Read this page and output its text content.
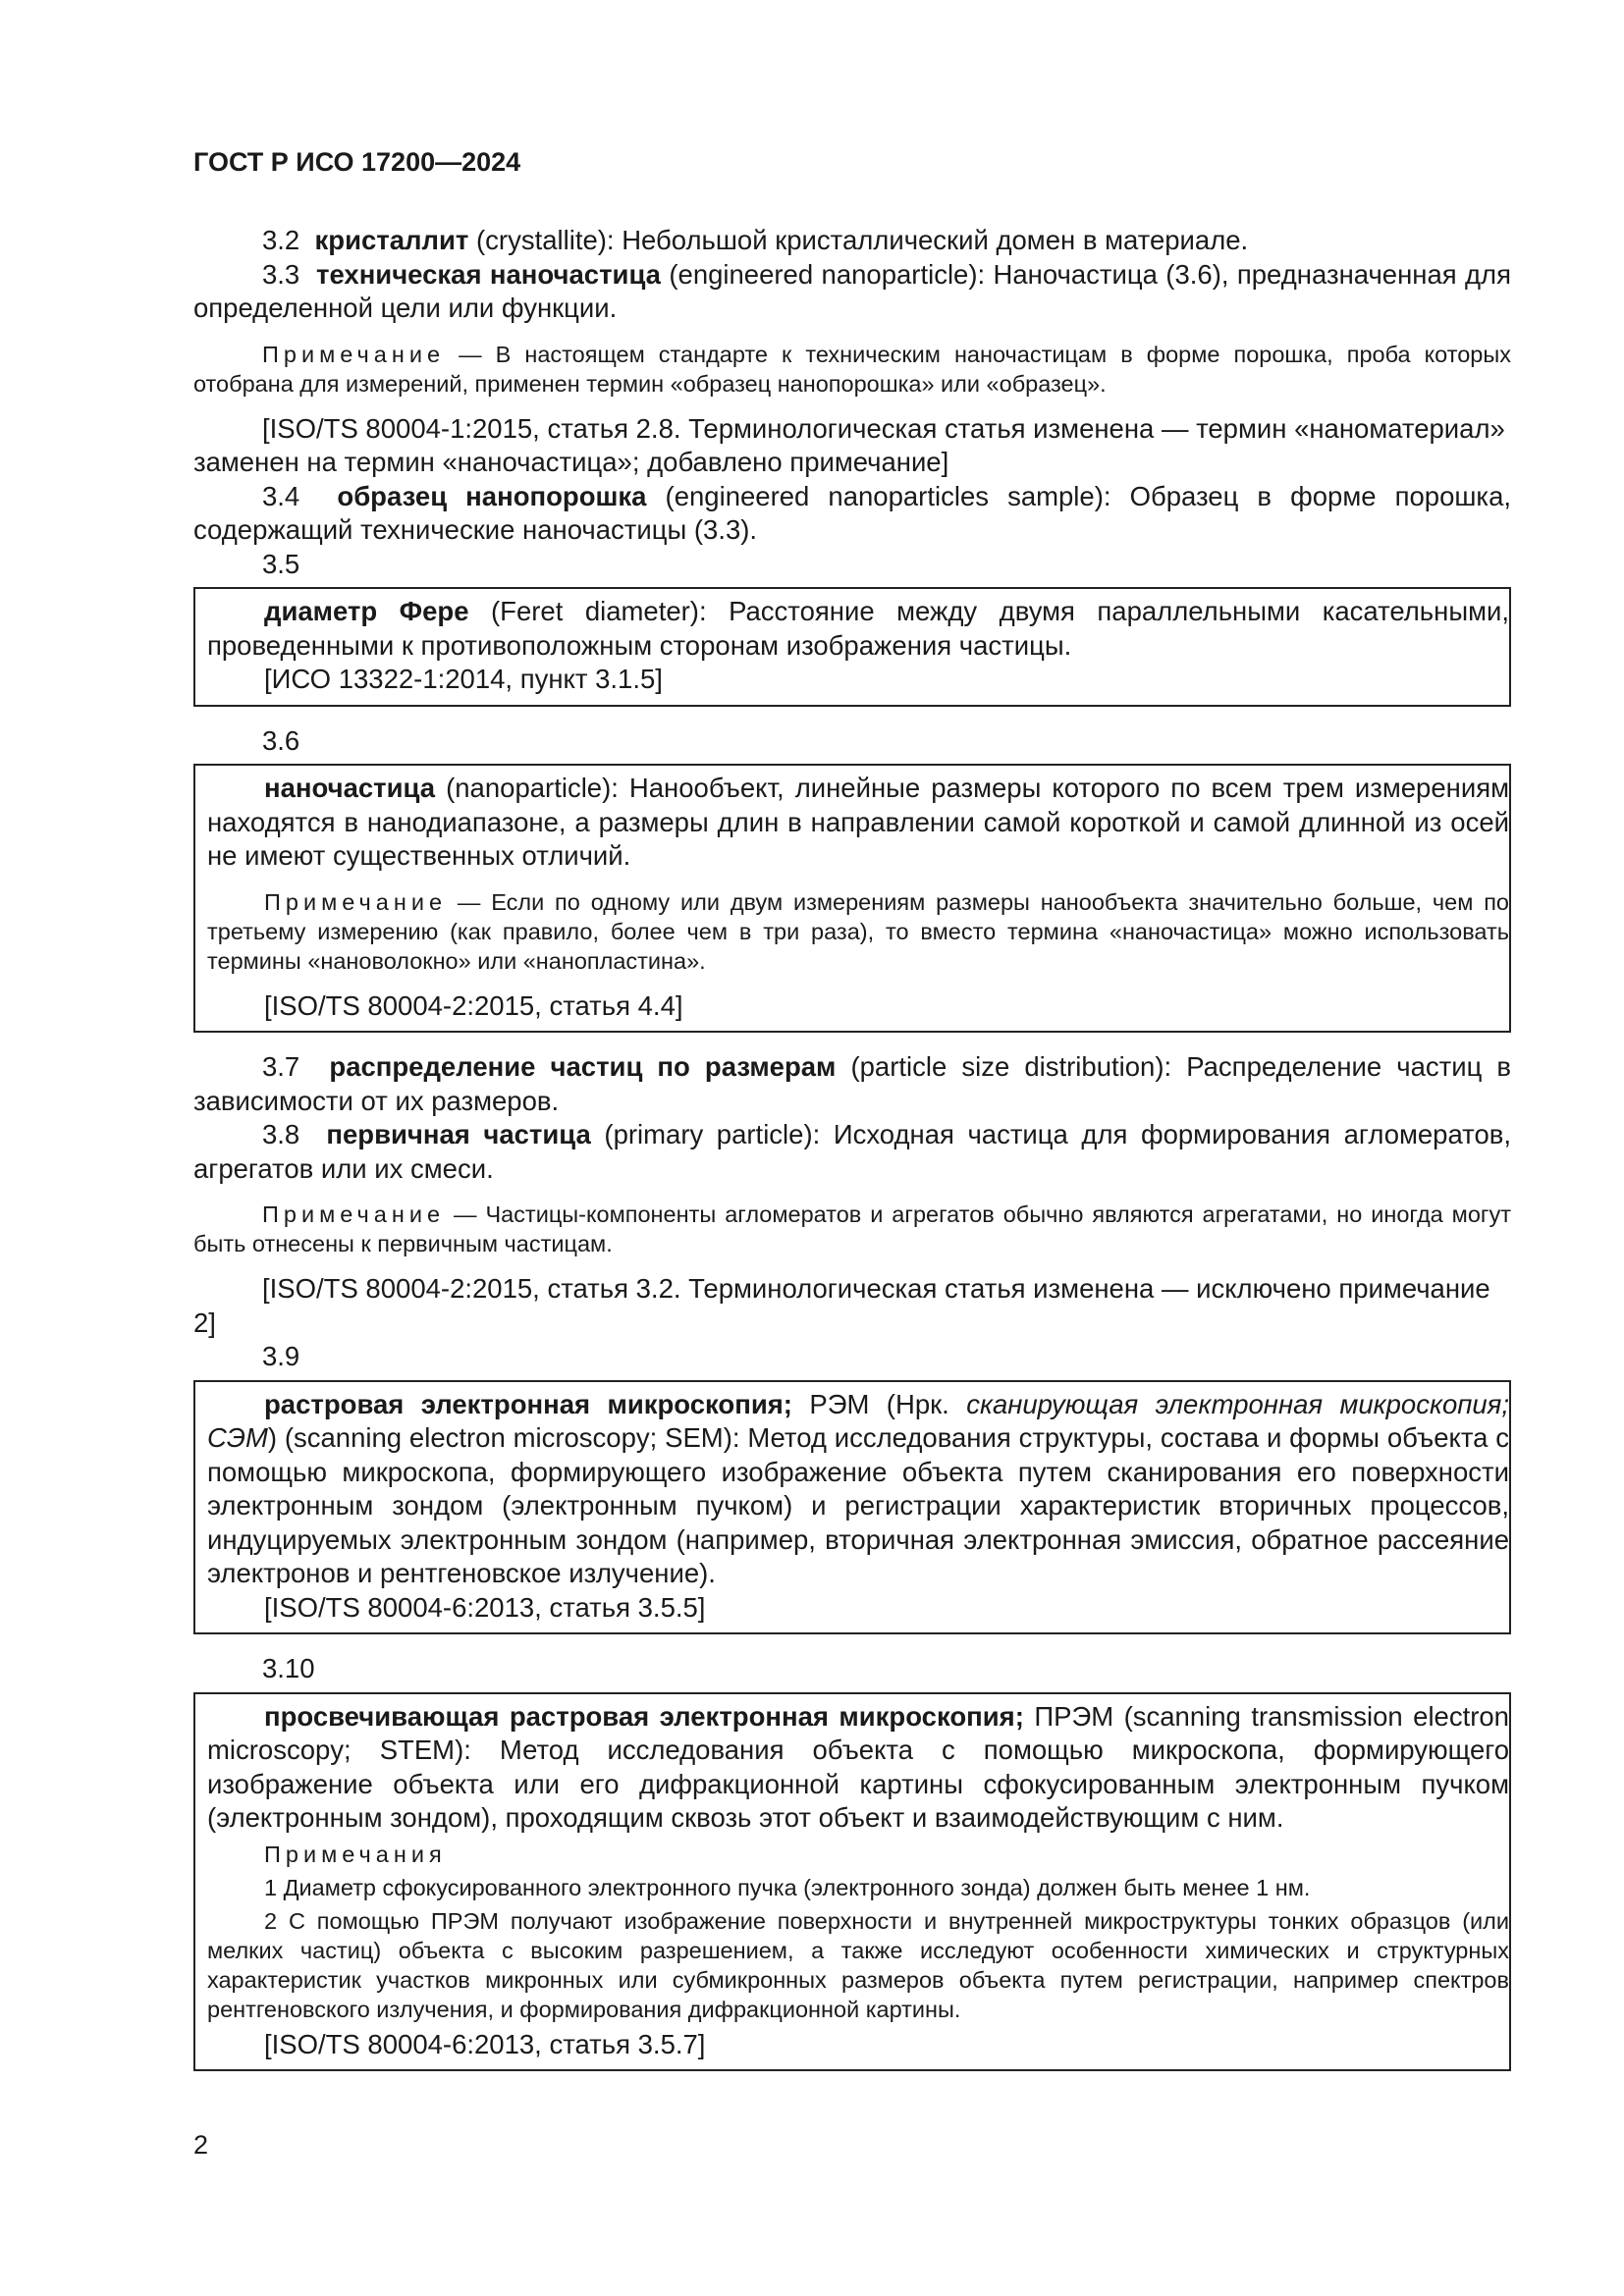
ГОСТ Р ИСО 17200—2024

3.2 кристаллит (crystallite): Небольшой кристаллический домен в материале.

3.3 техническая наночастица (engineered nanoparticle): Наночастица (3.6), предназначенная для определенной цели или функции.

Примечание — В настоящем стандарте к техническим наночастицам в форме порошка, проба которых отобрана для измерений, применен термин «образец нанопорошка» или «образец».

[ISO/TS 80004-1:2015, статья 2.8. Терминологическая статья изменена — термин «наноматериал» заменен на термин «наночастица»; добавлено примечание]

3.4 образец нанопорошка (engineered nanoparticles sample): Образец в форме порошка, содержащий технические наночастицы (3.3).

3.5

диаметр Фере (Feret diameter): Расстояние между двумя параллельными касательными, проведенными к противоположным сторонам изображения частицы.

[ИСО 13322-1:2014, пункт 3.1.5]

3.6

наночастица (nanoparticle): Нанообъект, линейные размеры которого по всем трем измерениям находятся в нанодиапазоне, а размеры длин в направлении самой короткой и самой длинной из осей не имеют существенных отличий.

Примечание — Если по одному или двум измерениям размеры нанообъекта значительно больше, чем по третьему измерению (как правило, более чем в три раза), то вместо термина «наночастица» можно использовать термины «нановолокно» или «нанопластина».

[ISO/TS 80004-2:2015, статья 4.4]

3.7 распределение частиц по размерам (particle size distribution): Распределение частиц в зависимости от их размеров.

3.8 первичная частица (primary particle): Исходная частица для формирования агломератов, агрегатов или их смеси.

Примечание — Частицы-компоненты агломератов и агрегатов обычно являются агрегатами, но иногда могут быть отнесены к первичным частицам.

[ISO/TS 80004-2:2015, статья 3.2. Терминологическая статья изменена — исключено примечание 2]

3.9

растровая электронная микроскопия; РЭМ (Нрк. сканирующая электронная микроскопия; СЭМ) (scanning electron microscopy; SEM): Метод исследования структуры, состава и формы объекта с помощью микроскопа, формирующего изображение объекта путем сканирования его поверхности электронным зондом (электронным пучком) и регистрации характеристик вторичных процессов, индуцируемых электронным зондом (например, вторичная электронная эмиссия, обратное рассеяние электронов и рентгеновское излучение).

[ISO/TS 80004-6:2013, статья 3.5.5]

3.10

просвечивающая растровая электронная микроскопия; ПРЭМ (scanning transmission electron microscopy; STEM): Метод исследования объекта с помощью микроскопа, формирующего изображение объекта или его дифракционной картины сфокусированным электронным пучком (электронным зондом), проходящим сквозь этот объект и взаимодействующим с ним.

Примечания

1 Диаметр сфокусированного электронного пучка (электронного зонда) должен быть менее 1 нм.

2 С помощью ПРЭМ получают изображение поверхности и внутренней микроструктуры тонких образцов (или мелких частиц) объекта с высоким разрешением, а также исследуют особенности химических и структурных характеристик участков микронных или субмикронных размеров объекта путем регистрации, например спектров рентгеновского излучения, и формирования дифракционной картины.

[ISO/TS 80004-6:2013, статья 3.5.7]

2
